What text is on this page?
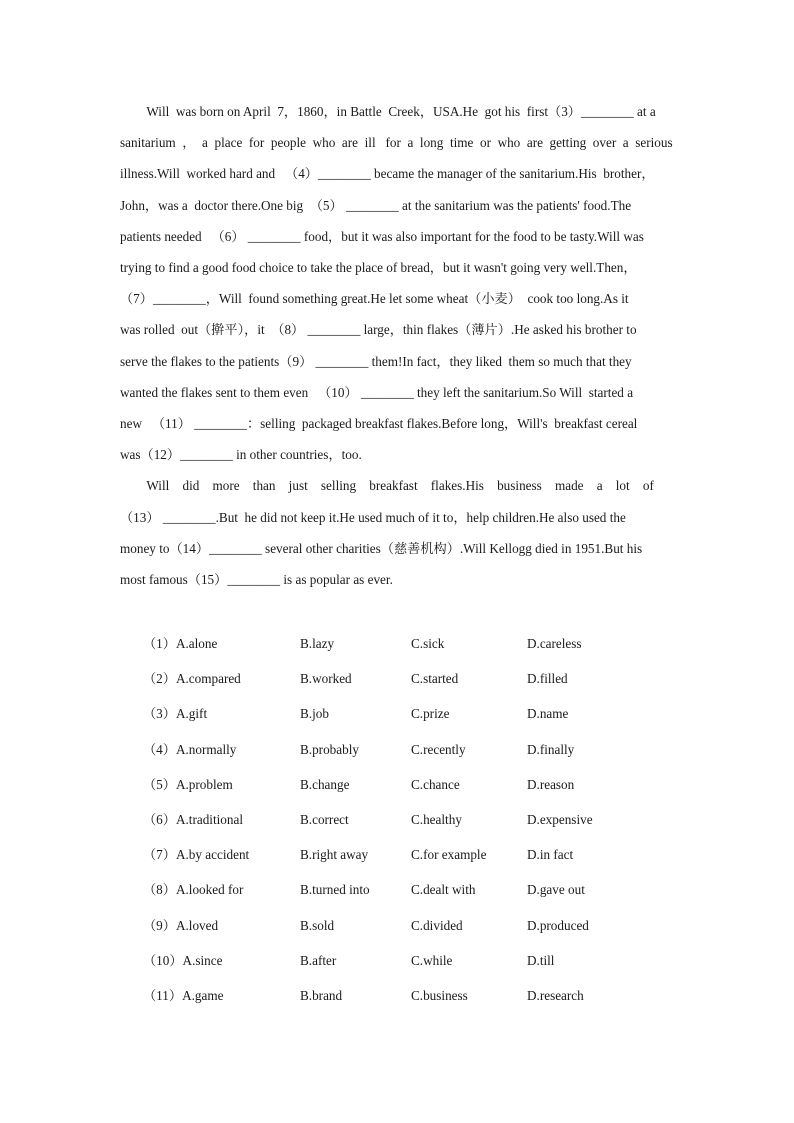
　　Will  was born on April  7，1860，in Battle  Creek，USA.He  got his  first（3）________ at a

sanitarium  ，  a  place  for  people  who  are  ill   for  a  long  time  or  who  are  getting  over  a  serious

illness.Will  worked hard and   （4）________ became the manager of the sanitarium.His  brother，

John，was a  doctor there.One big  （5） ________ at the sanitarium was the patients' food.The

patients needed   （6） ________ food，but it was also important for the food to be tasty.Will was

trying to find a good food choice to take the place of bread，but it wasn't going very well.Then，

（7）________，Will  found something great.He let some wheat（小麦）  cook too long.As it

was rolled  out（擀平），it  （8） ________ large，thin flakes（薄片）.He asked his brother to

serve the flakes to the patients（9） ________ them!In fact，they liked  them so much that they

wanted the flakes sent to them even   （10） ________ they left the sanitarium.So Will  started a

new   （11） ________：selling  packaged breakfast flakes.Before long，Will's  breakfast cereal

was（12）________ in other countries，too.

　　Will    did    more    than    just    selling    breakfast    flakes.His    business    made    a    lot    of

（13） ________.But  he did not keep it.He used much of it to，help children.He also used the

money to（14）________ several other charities（慈善机构）.Will Kellogg died in 1951.But his

most famous（15）________ is as popular as ever.

（1）A.alone	B.lazy	C.sick	D.careless
（2）A.compared	B.worked	C.started	D.filled
（3）A.gift	B.job	C.prize	D.name
（4）A.normally	B.probably	C.recently	D.finally
（5）A.problem	B.change	C.chance	D.reason
（6）A.traditional	B.correct	C.healthy	D.expensive
（7）A.by accident	B.right away	C.for example	D.in fact
（8）A.looked for	B.turned into	C.dealt with	D.gave out
（9）A.loved	B.sold	C.divided	D.produced
（10）A.since	B.after	C.while	D.till
（11）A.game	B.brand	C.business	D.research
